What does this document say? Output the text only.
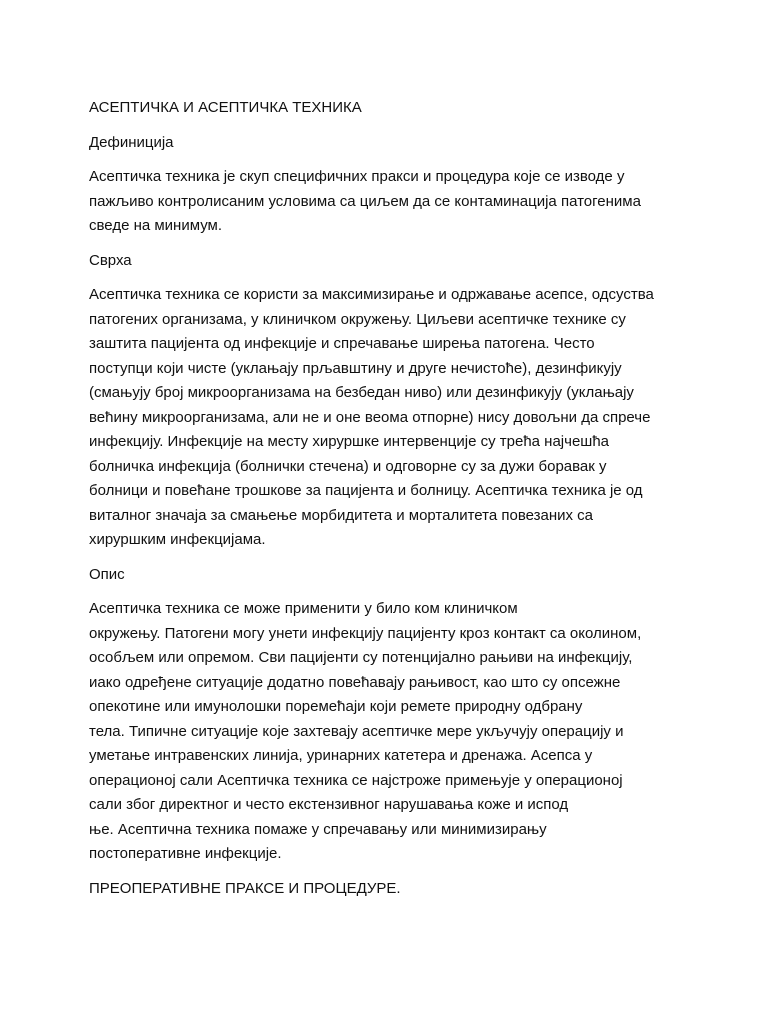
АСЕПТИЧКА И АСЕПТИЧКА ТЕХНИКА

Дефиниција

Асептичка техника је скуп специфичних пракси и процедура које се изводе у
пажљиво контролисаним условима са циљем да се контаминација патогенима
сведе на минимум.

Сврха

Асептичка техника се користи за максимизирање и одржавање асепсе, одсуства
патогених организама, у клиничком окружењу. Циљеви асептичке технике су
заштита пацијента од инфекције и спречавање ширења патогена. Често
поступци који чисте (уклањају прљавштину и друге нечистоће), дезинфикују
(смањују број микроорганизама на безбедан ниво) или дезинфикују (уклањају
већину микроорганизама, али не и оне веома отпорне) нису довољни да спрече
инфекцију. Инфекције на месту хируршке интервенције су трећа најчешћа
болничка инфекција (болнички стечена) и одговорне су за дужи боравак у
болници и повећане трошкове за пацијента и болницу. Асептичка техника је од
виталног значаја за смањење морбидитета и морталитета повезаних са
хируршким инфекцијама.

Опис

Асептичка техника се може применити у било ком клиничком
окружењу. Патогени могу унети инфекцију пацијенту кроз контакт са околином,
особљем или опремом. Сви пацијенти су потенцијално рањиви на инфекцију,
иако одређене ситуације додатно повећавају рањивост, као што су опсежне
опекотине или имунолошки поремећаји који ремете природну одбрану
тела. Типичне ситуације које захтевају асептичке мере укључују операцију и
уметање интравенских линија, уринарних катетера и дренажа. Асепса у
операционој сали Асептичка техника се најстроже примењује у операционој
сали због директног и често екстензивног нарушавања коже и испод
ње. Асептична техника помаже у спречавању или минимизирању
постоперативне инфекције.

ПРЕОПЕРАТИВНЕ ПРАКСЕ И ПРОЦЕДУРЕ.
